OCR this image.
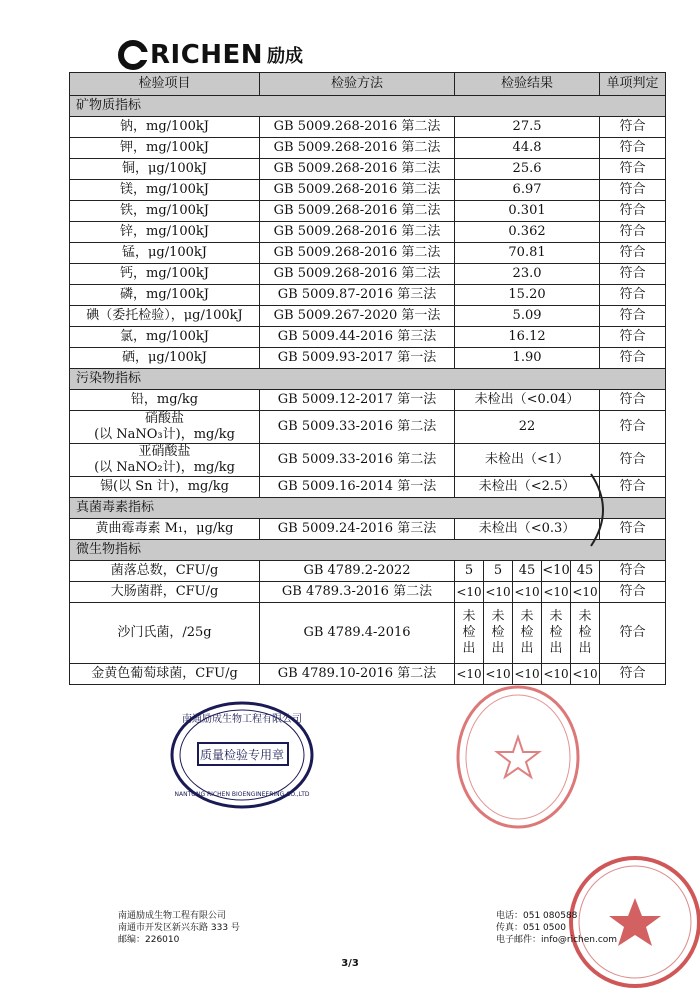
RICHEN 励成
检验项目	检验方法	检验结果					单项判定
矿物质指标							
钠，mg/100kJ	GB 5009.268-2016 第二法	27.5					符合
钾，mg/100kJ	GB 5009.268-2016 第二法	44.8					符合
铜，μg/100kJ	GB 5009.268-2016 第二法	25.6					符合
镁，mg/100kJ	GB 5009.268-2016 第二法	6.97					符合
铁，mg/100kJ	GB 5009.268-2016 第二法	0.301					符合
锌，mg/100kJ	GB 5009.268-2016 第二法	0.362					符合
锰，μg/100kJ	GB 5009.268-2016 第二法	70.81					符合
钙，mg/100kJ	GB 5009.268-2016 第二法	23.0					符合
磷，mg/100kJ	GB 5009.87-2016 第三法	15.20					符合
碘（委托检验），μg/100kJ	GB 5009.267-2020 第一法	5.09					符合
氯，mg/100kJ	GB 5009.44-2016 第三法	16.12					符合
硒，μg/100kJ	GB 5009.93-2017 第一法	1.90					符合
污染物指标							
铅，mg/kg	GB 5009.12-2017 第一法	未检出（<0.04）					符合

硝酸盐
(以 NaNO₃计)，mg/kg	GB 5009.33-2016 第二法	22					符合

亚硝酸盐
(以 NaNO₂计)，mg/kg	GB 5009.33-2016 第二法	未检出（<1）					符合
锡(以 Sn 计)，mg/kg	GB 5009.16-2014 第一法	未检出（<2.5）					符合
真菌毒素指标							
黄曲霉毒素 M₁，μg/kg	GB 5009.24-2016 第三法	未检出（<0.3）					符合
微生物指标							
菌落总数，CFU/g	GB 4789.2-2022	5	5	45	<10	45	符合
大肠菌群，CFU/g	GB 4789.3-2016 第二法	<10	<10	<10	<10	<10	符合
沙门氏菌，/25g	GB 4789.4-2016	未
检
出	未
检
出	未
检
出	未
检
出	未
检
出	符合
金黄色葡萄球菌，CFU/g	GB 4789.10-2016 第二法	<10	<10	<10	<10	<10	符合
质量检验专用章
南通励成生物工程有限公司
NANTONG RICHEN BIOENGINEERING CO.,LTD
南通励成生物工程有限公司
南通市开发区新兴东路 333 号
邮编：226010
电话：051 080588
传真：051 0500
电子邮件：info@richen.com
3/3
